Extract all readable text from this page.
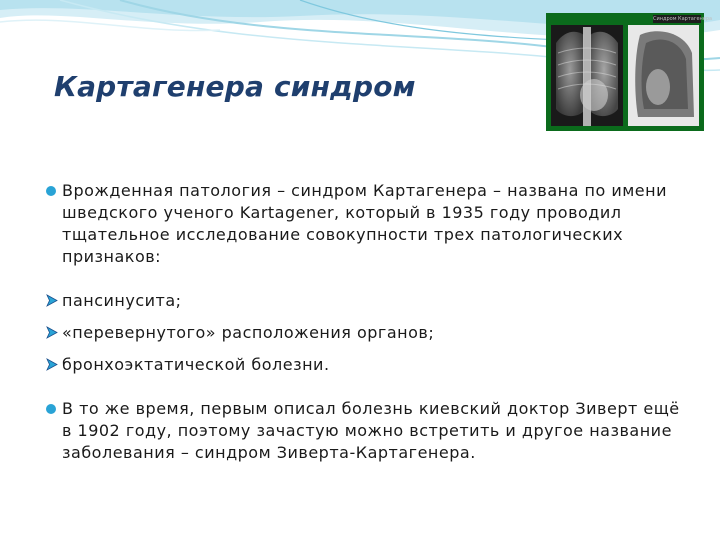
Картагенера синдром
Синдром Картагенера
Врожденная патология – синдром Картагенера – названа по имени шведского ученого Kartagener, который в 1935 году проводил тщательное исследование совокупности трех патологических признаков:
пансинусита;
«перевернутого» расположения органов;
бронхоэктатической болезни.
В то же время, первым описал болезнь киевский доктор Зиверт ещё в 1902 году, поэтому зачастую можно встретить и другое название заболевания – синдром Зиверта-Картагенера.
